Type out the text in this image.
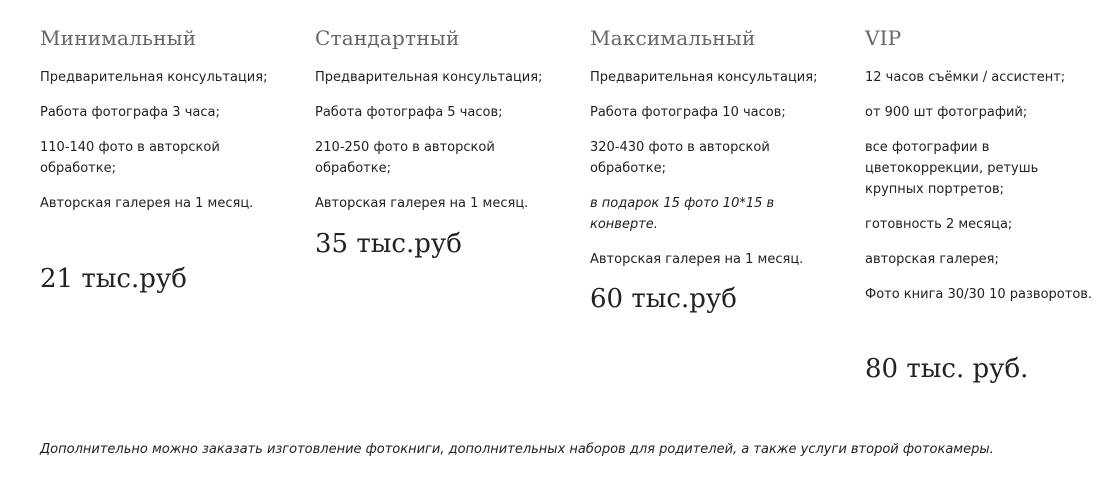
Минимальный
Предварительная консультация;
Работа фотографа 3 часа;
110-140 фото в авторской обработке;
Авторская галерея на 1 месяц.
21 тыс.руб
Стандартный
Предварительная консультация;
Работа фотографа 5 часов;
210-250 фото в авторской обработке;
Авторская галерея на 1 месяц.
35 тыс.руб
Максимальный
Предварительная консультация;
Работа фотографа 10 часов;
320-430 фото в авторской обработке;
в подарок 15 фото 10*15 в конверте.
Авторская галерея на 1 месяц.
60 тыс.руб
VIP
12 часов съёмки / ассистент;
от 900 шт фотографий;
все фотографии в цветокоррекции, ретушь крупных портретов;
готовность 2 месяца;
авторская галерея;
Фото книга 30/30 10 разворотов.
80 тыс. руб.
Дополнительно можно заказать изготовление фотокниги, дополнительных наборов для родителей, а также услуги второй фотокамеры.
